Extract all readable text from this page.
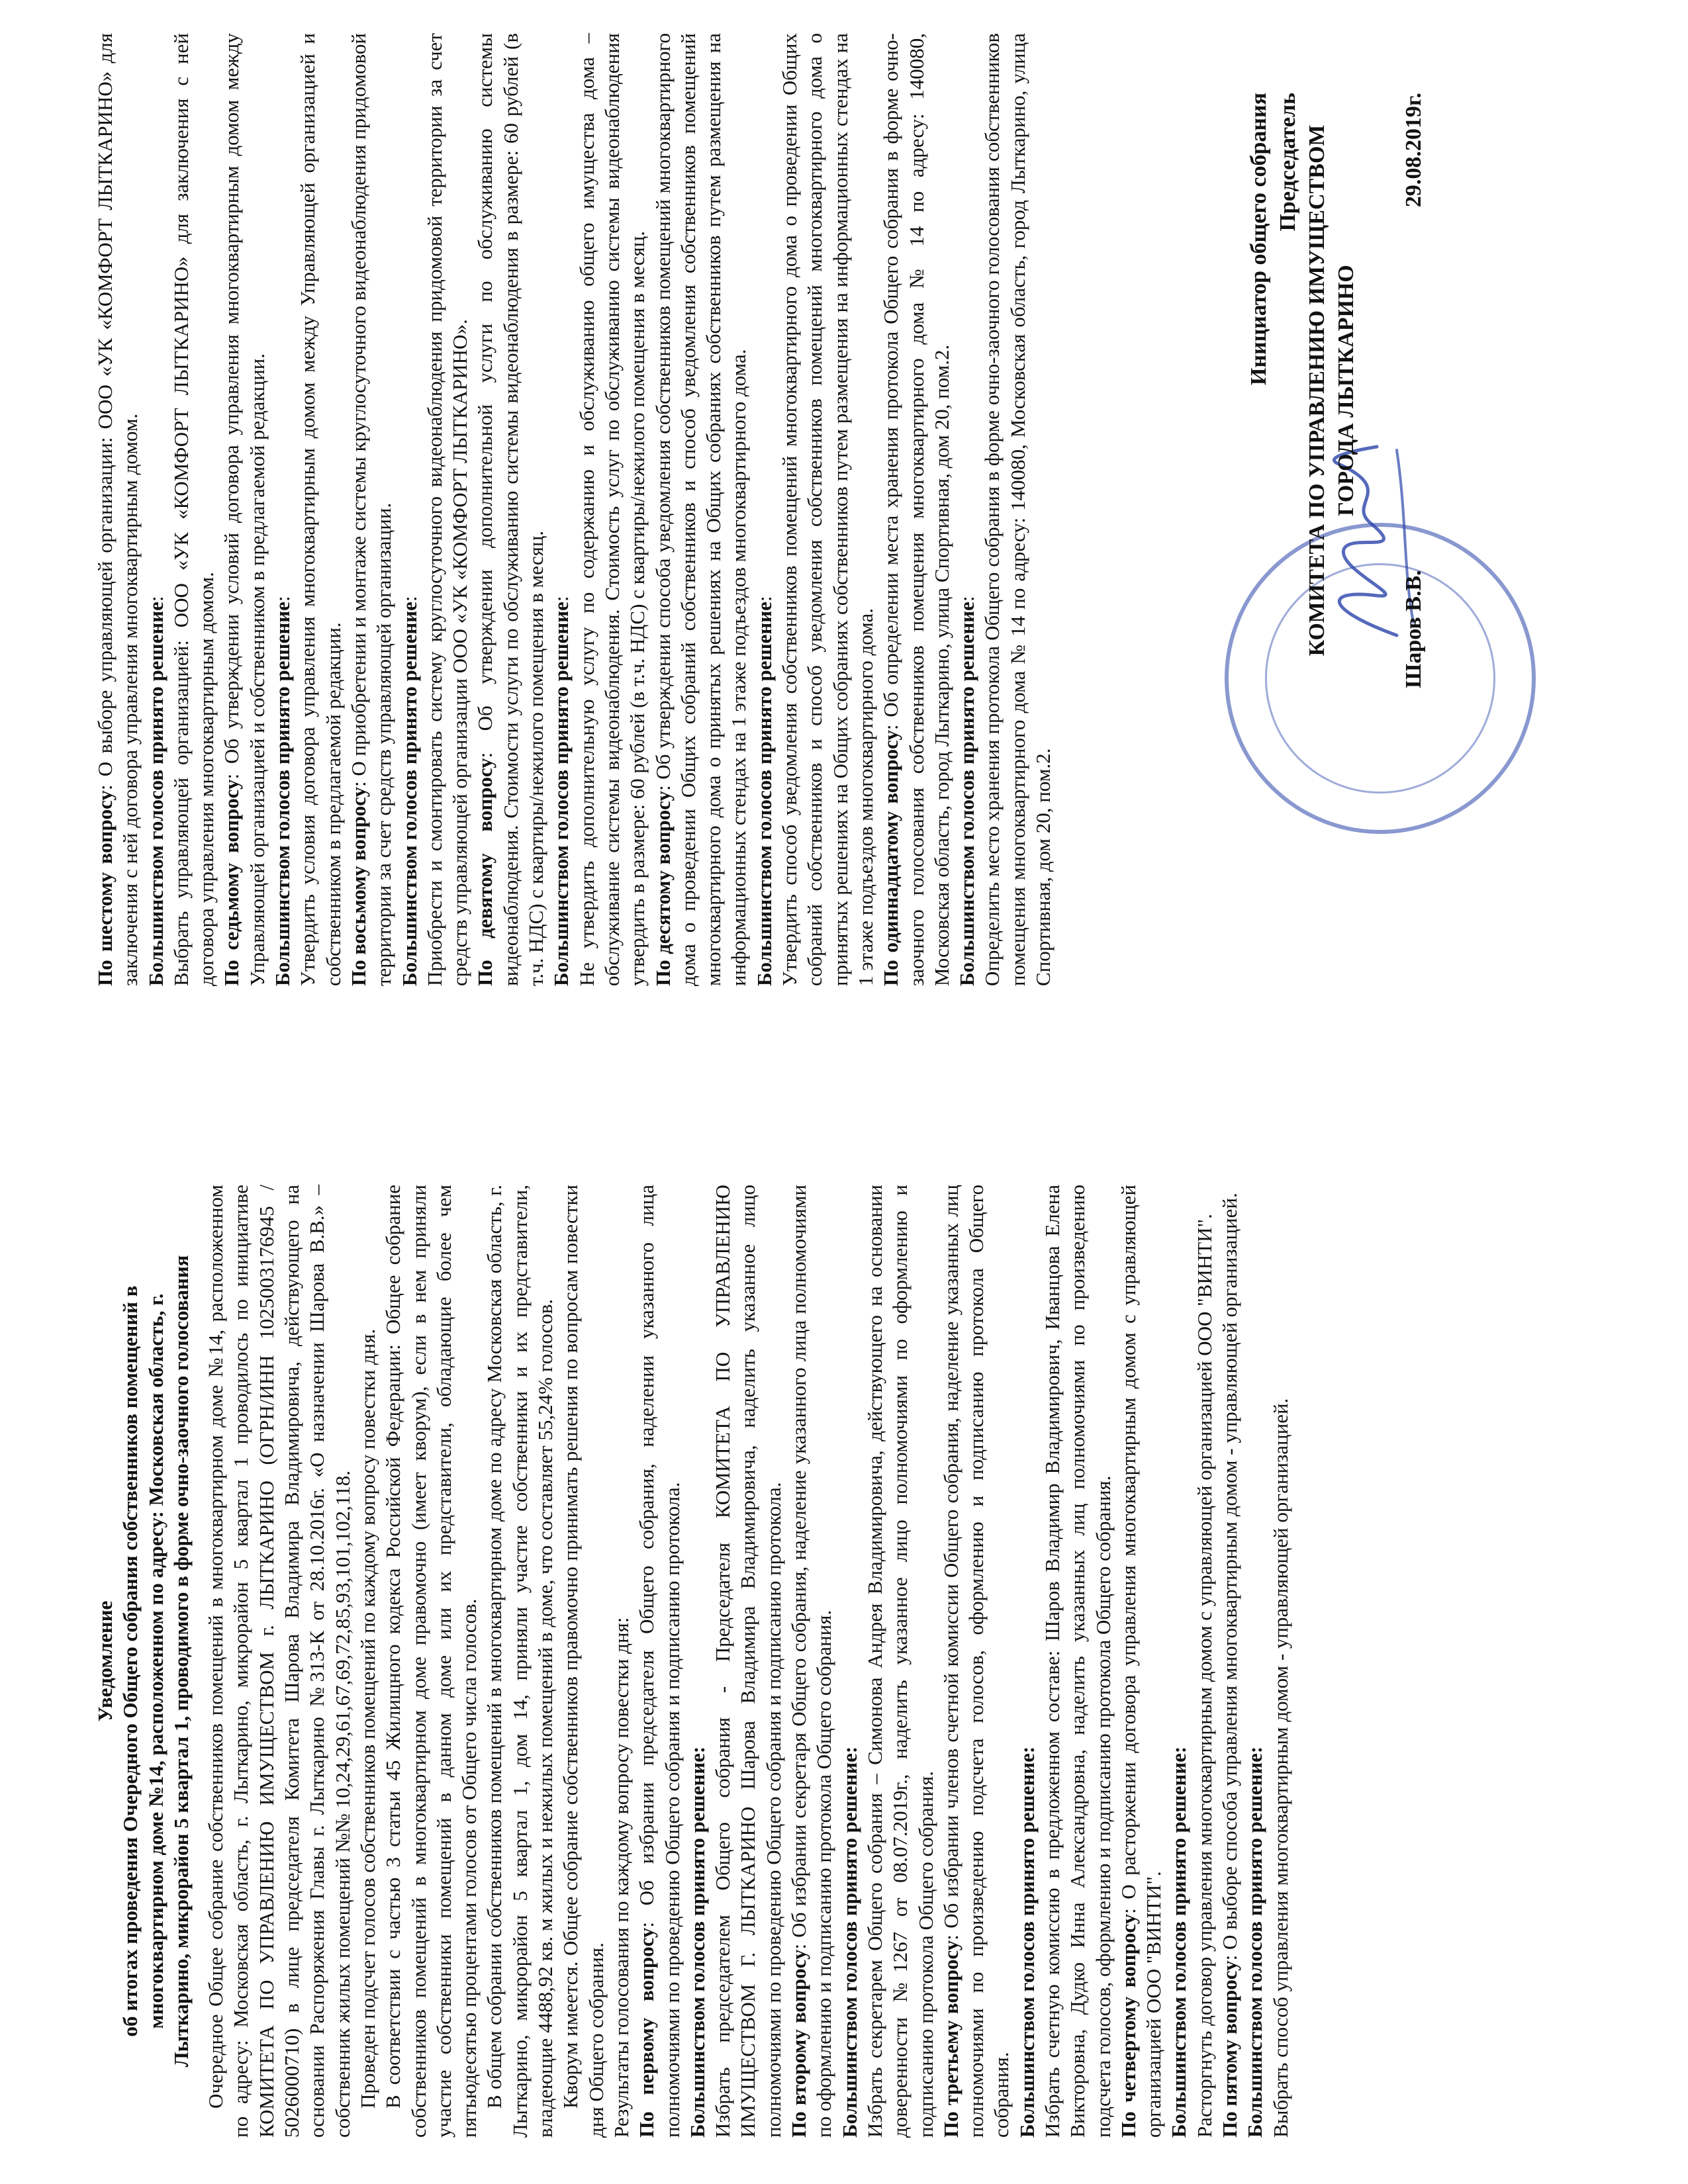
Уведомление об итогах проведения Очередного Общего собрания собственников помещений в многоквартирном доме №14, расположенном по адресу: Московская область, г. Лыткарино, микрорайон 5 квартал 1, проводимого в форме очно-заочного голосования Очередное Общее собрание собственников помещений в многоквартирном доме №14, расположенном по адресу: Московская область, г. Лыткарино, микрорайон 5 квартал 1 проводилось по инициативе КОМИТЕТА ПО УПРАВЛЕНИЮ ИМУЩЕСТВОМ г. ЛЫТКАРИНО (ОГРН/ИНН 1025003176945 / 5026000710) в лице председателя Комитета Шарова Владимира Владимировича, действующего на основании Распоряжения Главы г. Лыткарино №313-К от 28.10.2016г. «О назначении Шарова В.В.» – собственник жилых помещений №№ 10,24,29,61,67,69,72,85,93,101,102,118. Проведен подсчет голосов собственников помещений по каждому вопросу повестки дня. В соответствии с частью 3 статьи 45 Жилищного кодекса Российской Федерации: Общее собрание собственников помещений в многоквартирном доме правомочно (имеет кворум), если в нем приняли участие собственники помещений в данном доме или их представители, обладающие более чем пятьюдесятью процентами голосов от Общего числа голосов. В общем собрании собственников помещений в многоквартирном доме по адресу Московская область, г. Лыткарино, микрорайон 5 квартал 1, дом 14, приняли участие собственники и их представители, владеющие 4488,92 кв. м жилых и нежилых помещений в доме, что составляет 55,24% голосов. Кворум имеется. Общее собрание собственников правомочно принимать решения по вопросам повестки дня Общего собрания. Результаты голосования по каждому вопросу повестки дня: По первому вопросу: Об избрании председателя Общего собрания, наделении указанного лица полномочиями по проведению Общего собрания и подписанию протокола. Большинством голосов принято решение: Избрать председателем Общего собрания - Председателя КОМИТЕТА ПО УПРАВЛЕНИЮ ИМУЩЕСТВОМ Г. ЛЫТКАРИНО Шарова Владимира Владимировича, наделить указанное лицо полномочиями по проведению Общего собрания и подписанию протокола. По второму вопросу: Об избрании секретаря Общего собрания, наделение указанного лица полномочиями по оформлению и подписанию протокола Общего собрания. Большинством голосов принято решение: Избрать секретарем Общего собрания – Симонова Андрея Владимировича, действующего на основании доверенности №1267 от 08.07.2019г., наделить указанное лицо полномочиями по оформлению и подписанию протокола Общего собрания. По третьему вопросу: Об избрании членов счетной комиссии Общего собрания, наделение указанных лиц полномочиями по произведению подсчета голосов, оформлению и подписанию протокола Общего собрания. Большинством голосов принято решение: Избрать счетную комиссию в предложенном составе: Шаров Владимир Владимирович, Иванцова Елена Викторовна, Дудко Инна Александровна, наделить указанных лиц полномочиями по произведению подсчета голосов, оформлению и подписанию протокола Общего собрания. По четвертому вопросу: О расторжении договора управления многоквартирным домом с управляющей организацией ООО "ВИНТИ". Большинством голосов принято решение: Расторгнуть договор управления многоквартирным домом с управляющей организацией ООО "ВИНТИ". По пятому вопросу: О выборе способа управления многоквартирным домом - управляющей организацией. Большинством голосов принято решение: Выбрать способ управления многоквартирным домом - управляющей организацией.

По шестому вопросу: О выборе управляющей организации: ООО «УК «КОМФОРТ ЛЫТКАРИНО» для заключения с ней договора управления многоквартирным домом. Большинством голосов принято решение: Выбрать управляющей организацией: ООО «УК «КОМФОРТ ЛЫТКАРИНО» для заключения с ней договора управления многоквартирным домом. По седьмому вопросу: Об утверждении условий договора управления многоквартирным домом между Управляющей организацией и собственником в предлагаемой редакции. Большинством голосов принято решение: Утвердить условия договора управления многоквартирным домом между Управляющей организацией и собственником в предлагаемой редакции. По восьмому вопросу: О приобретении и монтаже системы круглосуточного видеонаблюдения придомовой территории за счет средств управляющей организации. Большинством голосов принято решение: Приобрести и смонтировать систему круглосуточного видеонаблюдения придомовой территории за счет средств управляющей организации ООО «УК «КОМФОРТ ЛЫТКАРИНО». По девятому вопросу: Об утверждении дополнительной услуги по обслуживанию системы видеонаблюдения. Стоимости услуги по обслуживанию системы видеонаблюдения в размере: 60 рублей (в т.ч. НДС) с квартиры/нежилого помещения в месяц. Большинством голосов принято решение: Не утвердить дополнительную услугу по содержанию и обслуживанию общего имущества дома – обслуживание системы видеонаблюдения. Стоимость услуг по обслуживанию системы видеонаблюдения утвердить в размере: 60 рублей (в т.ч. НДС) с квартиры/нежилого помещения в месяц. По десятому вопросу: Об утверждении способа уведомления собственников помещений многоквартирного дома о проведении Общих собраний собственников и способ уведомления собственников помещений многоквартирного дома о принятых решениях на Общих собраниях собственников путем размещения на информационных стендах на 1 этаже подъездов многоквартирного дома. Большинством голосов принято решение: Утвердить способ уведомления собственников помещений многоквартирного дома о проведении Общих собраний собственников и способ уведомления собственников помещений многоквартирного дома о принятых решениях на Общих собраниях собственников путем размещения на информационных стендах на 1 этаже подъездов многоквартирного дома. По одиннадцатому вопросу: Об определении места хранения протокола Общего собрания в форме очно-заочного голосования собственников помещения многоквартирного дома № 14 по адресу: 140080, Московская область, город Лыткарино, улица Спортивная, дом 20, пом.2. Большинством голосов принято решение: Определить место хранения протокола Общего собрания в форме очно-заочного голосования собственников помещения многоквартирного дома № 14 по адресу: 140080, Московская область, город Лыткарино, улица Спортивная, дом 20, пом.2.

Инициатор общего собрания Председатель КОМИТЕТА ПО УПРАВЛЕНИЮ ИМУЩЕСТВОМ ГОРОДА ЛЫТКАРИНО
Шаров В.В.
29.08.2019г.
